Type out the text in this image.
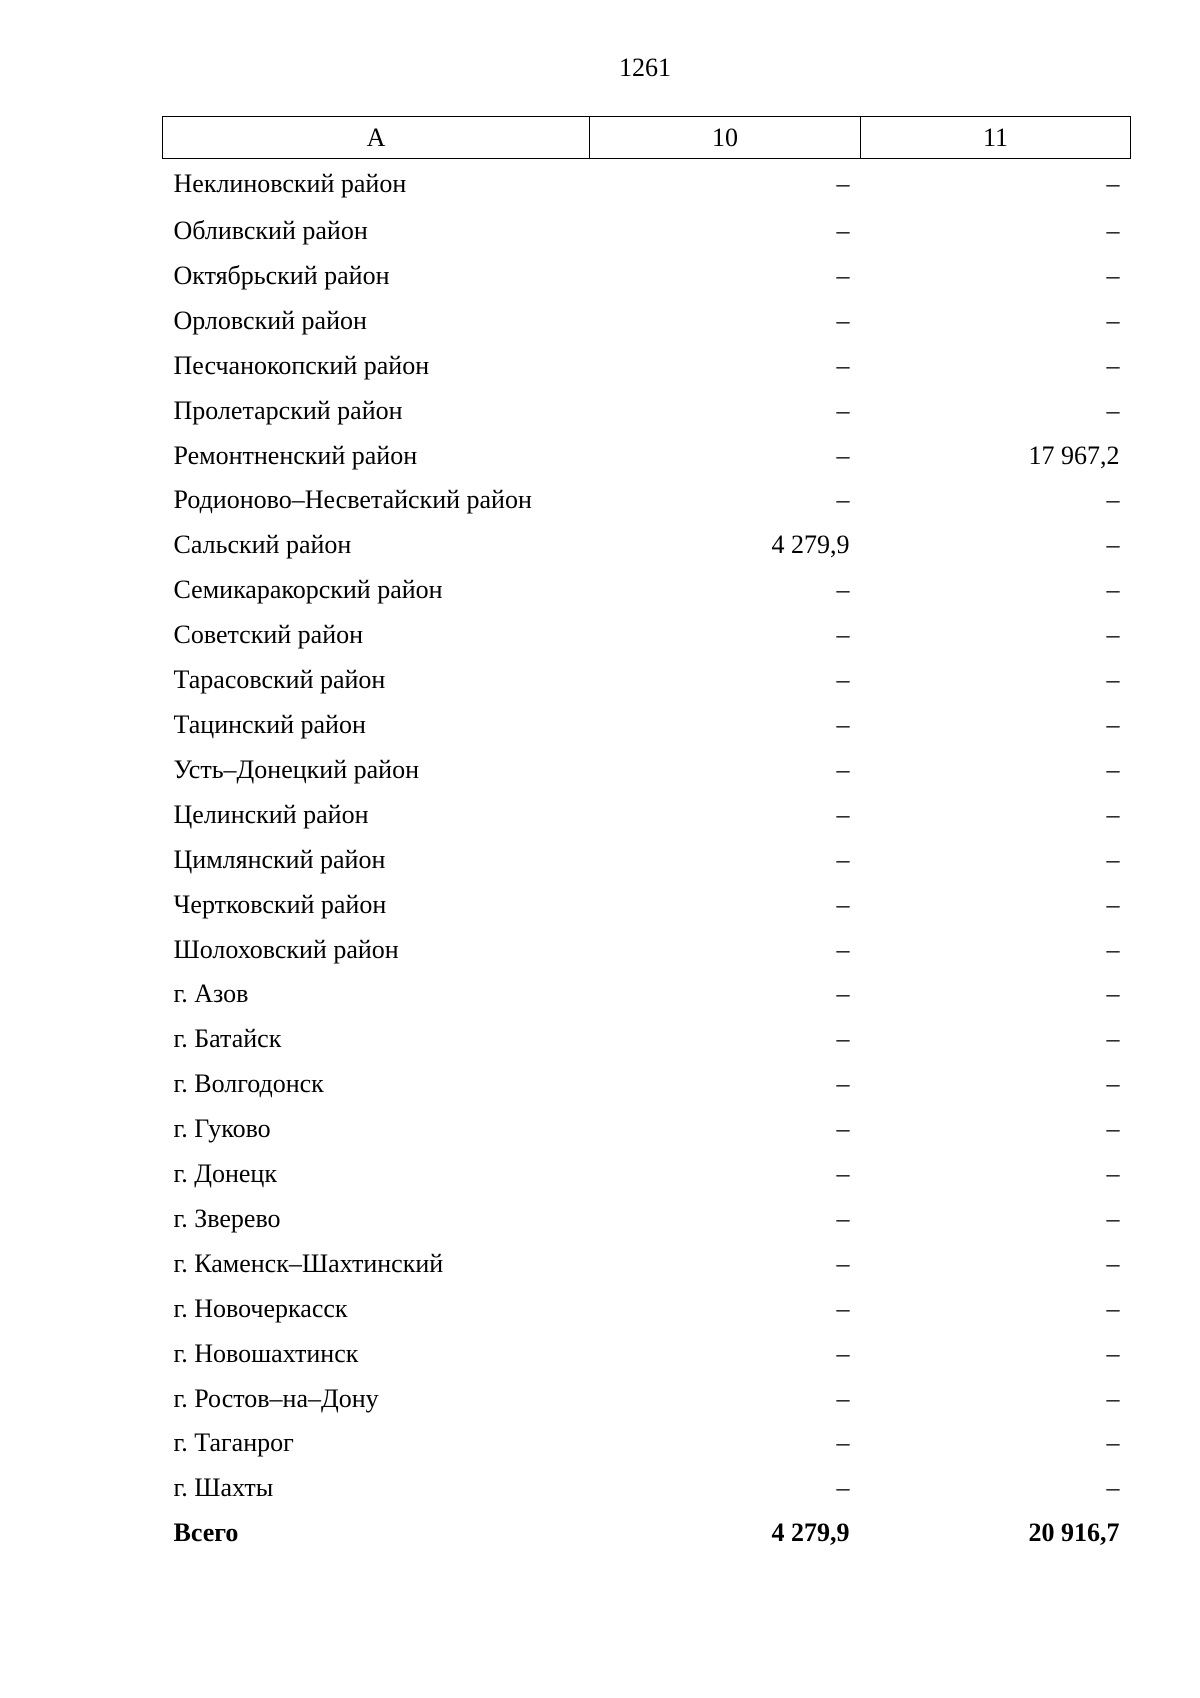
1261
А	10	11
Неклиновский район	–	–
Обливский район	–	–
Октябрьский район	–	–
Орловский район	–	–
Песчанокопский район	–	–
Пролетарский район	–	–
Ремонтненский район	–	17 967,2
Родионово–Несветайский район	–	–
Сальский район	4 279,9	–
Семикаракорский район	–	–
Советский район	–	–
Тарасовский район	–	–
Тацинский район	–	–
Усть–Донецкий район	–	–
Целинский район	–	–
Цимлянский район	–	–
Чертковский район	–	–
Шолоховский район	–	–
г. Азов	–	–
г. Батайск	–	–
г. Волгодонск	–	–
г. Гуково	–	–
г. Донецк	–	–
г. Зверево	–	–
г. Каменск–Шахтинский	–	–
г. Новочеркасск	–	–
г. Новошахтинск	–	–
г. Ростов–на–Дону	–	–
г. Таганрог	–	–
г. Шахты	–	–
Всего	4 279,9	20 916,7
